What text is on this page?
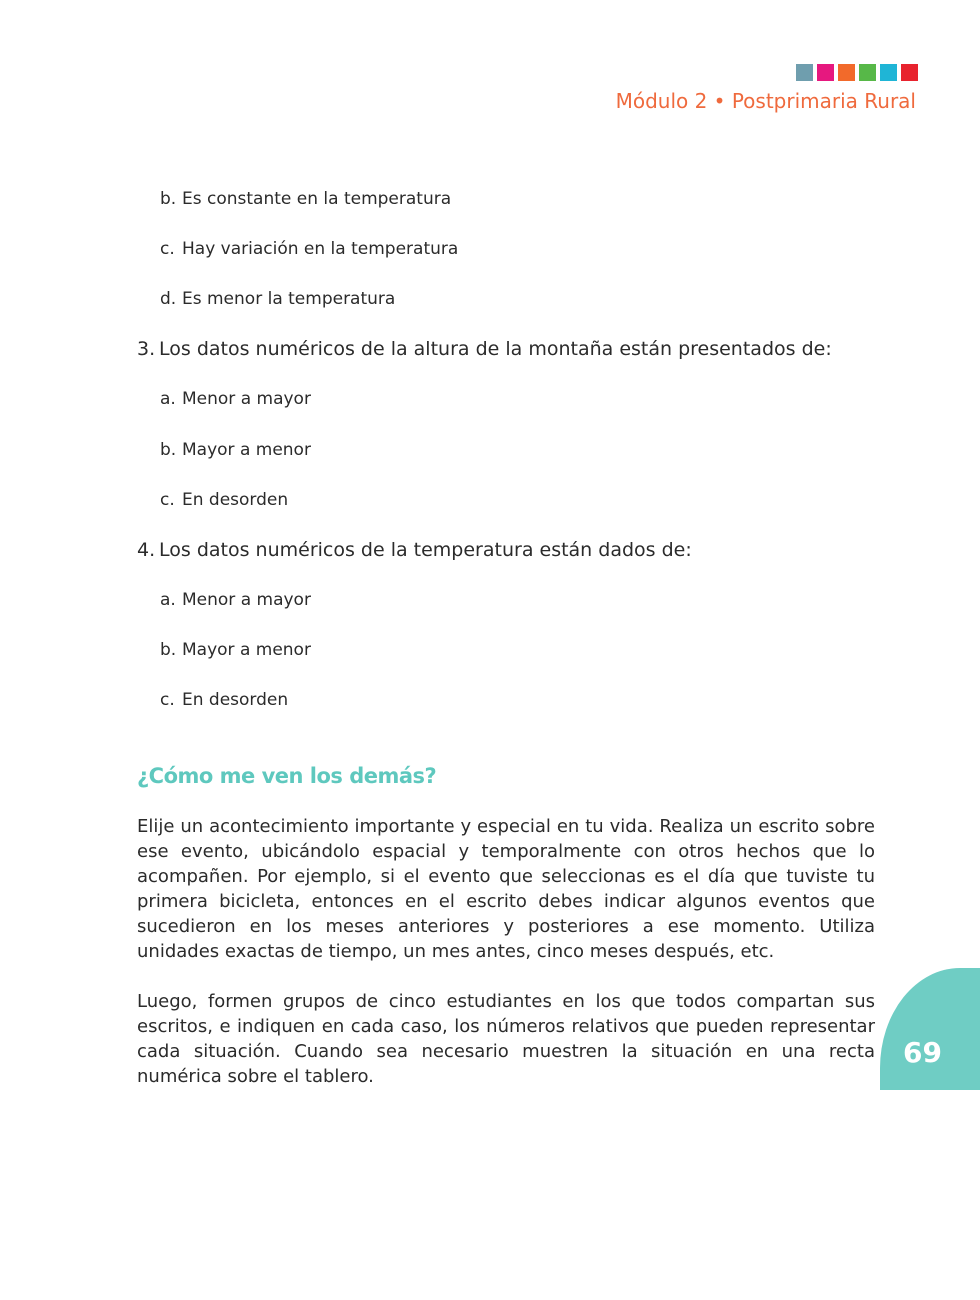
Módulo 2 • Postprimaria Rural

b. Es constante en la temperatura

c. Hay variación en la temperatura

d. Es menor la temperatura

3. Los datos numéricos de la altura de la montaña están presentados de:

a. Menor a mayor

b. Mayor a menor

c. En desorden

4. Los datos numéricos de la temperatura están dados de:

a. Menor a mayor

b. Mayor a menor

c. En desorden

¿Cómo me ven los demás?

Elije un acontecimiento importante y especial en tu vida. Realiza un escrito sobre ese evento, ubicándolo espacial y temporalmente con otros hechos que lo acompañen. Por ejemplo, si el evento que seleccionas es el día que tuviste tu primera bicicleta, entonces en el escrito debes indicar algunos eventos que sucedieron en los meses anteriores y posteriores a ese momento. Utiliza unidades exactas de tiempo, un mes antes, cinco meses después, etc.

Luego, formen grupos de cinco estudiantes en los que todos compartan sus escritos, e indiquen en cada caso, los números relativos que pueden representar cada situación. Cuando sea necesario muestren la situación en una recta numérica sobre el tablero.

69
